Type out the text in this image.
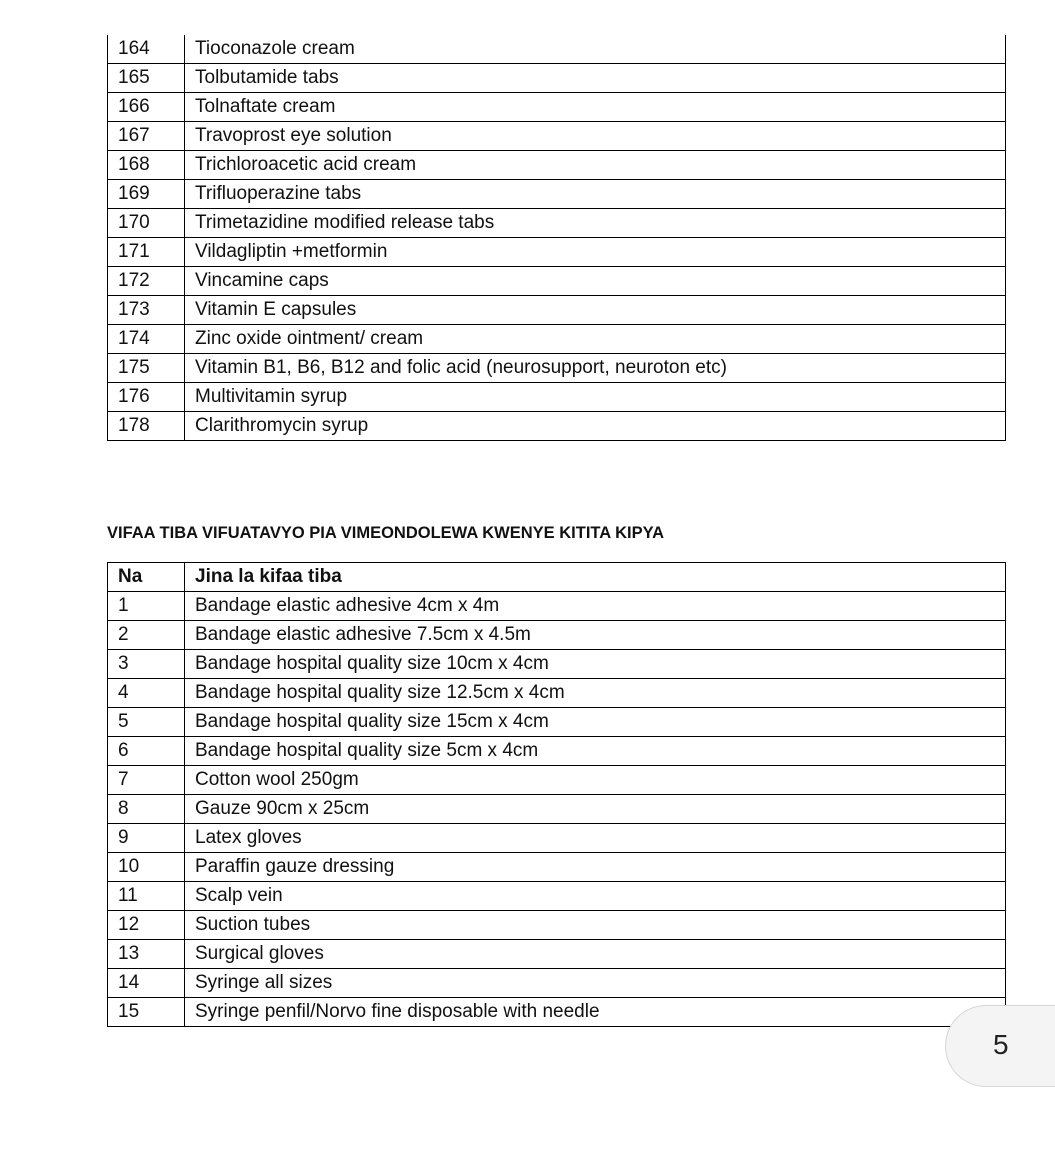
164	Tioconazole cream
165	Tolbutamide tabs
166	Tolnaftate cream
167	Travoprost eye solution
168	Trichloroacetic acid cream
169	Trifluoperazine tabs
170	Trimetazidine modified release tabs
171	Vildagliptin +metformin
172	Vincamine caps
173	Vitamin E capsules
174	Zinc oxide ointment/ cream
175	Vitamin B1, B6, B12 and folic acid (neurosupport, neuroton etc)
176	Multivitamin syrup
178	Clarithromycin syrup
VIFAA TIBA VIFUATAVYO PIA VIMEONDOLEWA KWENYE KITITA KIPYA
Na	Jina la kifaa tiba
1	Bandage elastic adhesive 4cm x 4m
2	Bandage elastic adhesive 7.5cm x 4.5m
3	Bandage hospital quality size 10cm x 4cm
4	Bandage hospital quality size 12.5cm x 4cm
5	Bandage hospital quality size 15cm x 4cm
6	Bandage hospital quality size 5cm x 4cm
7	Cotton wool 250gm
8	Gauze 90cm x 25cm
9	Latex gloves
10	Paraffin gauze dressing
11	Scalp vein
12	Suction tubes
13	Surgical gloves
14	Syringe all sizes
15	Syringe penfil/Norvo fine disposable with needle
5
